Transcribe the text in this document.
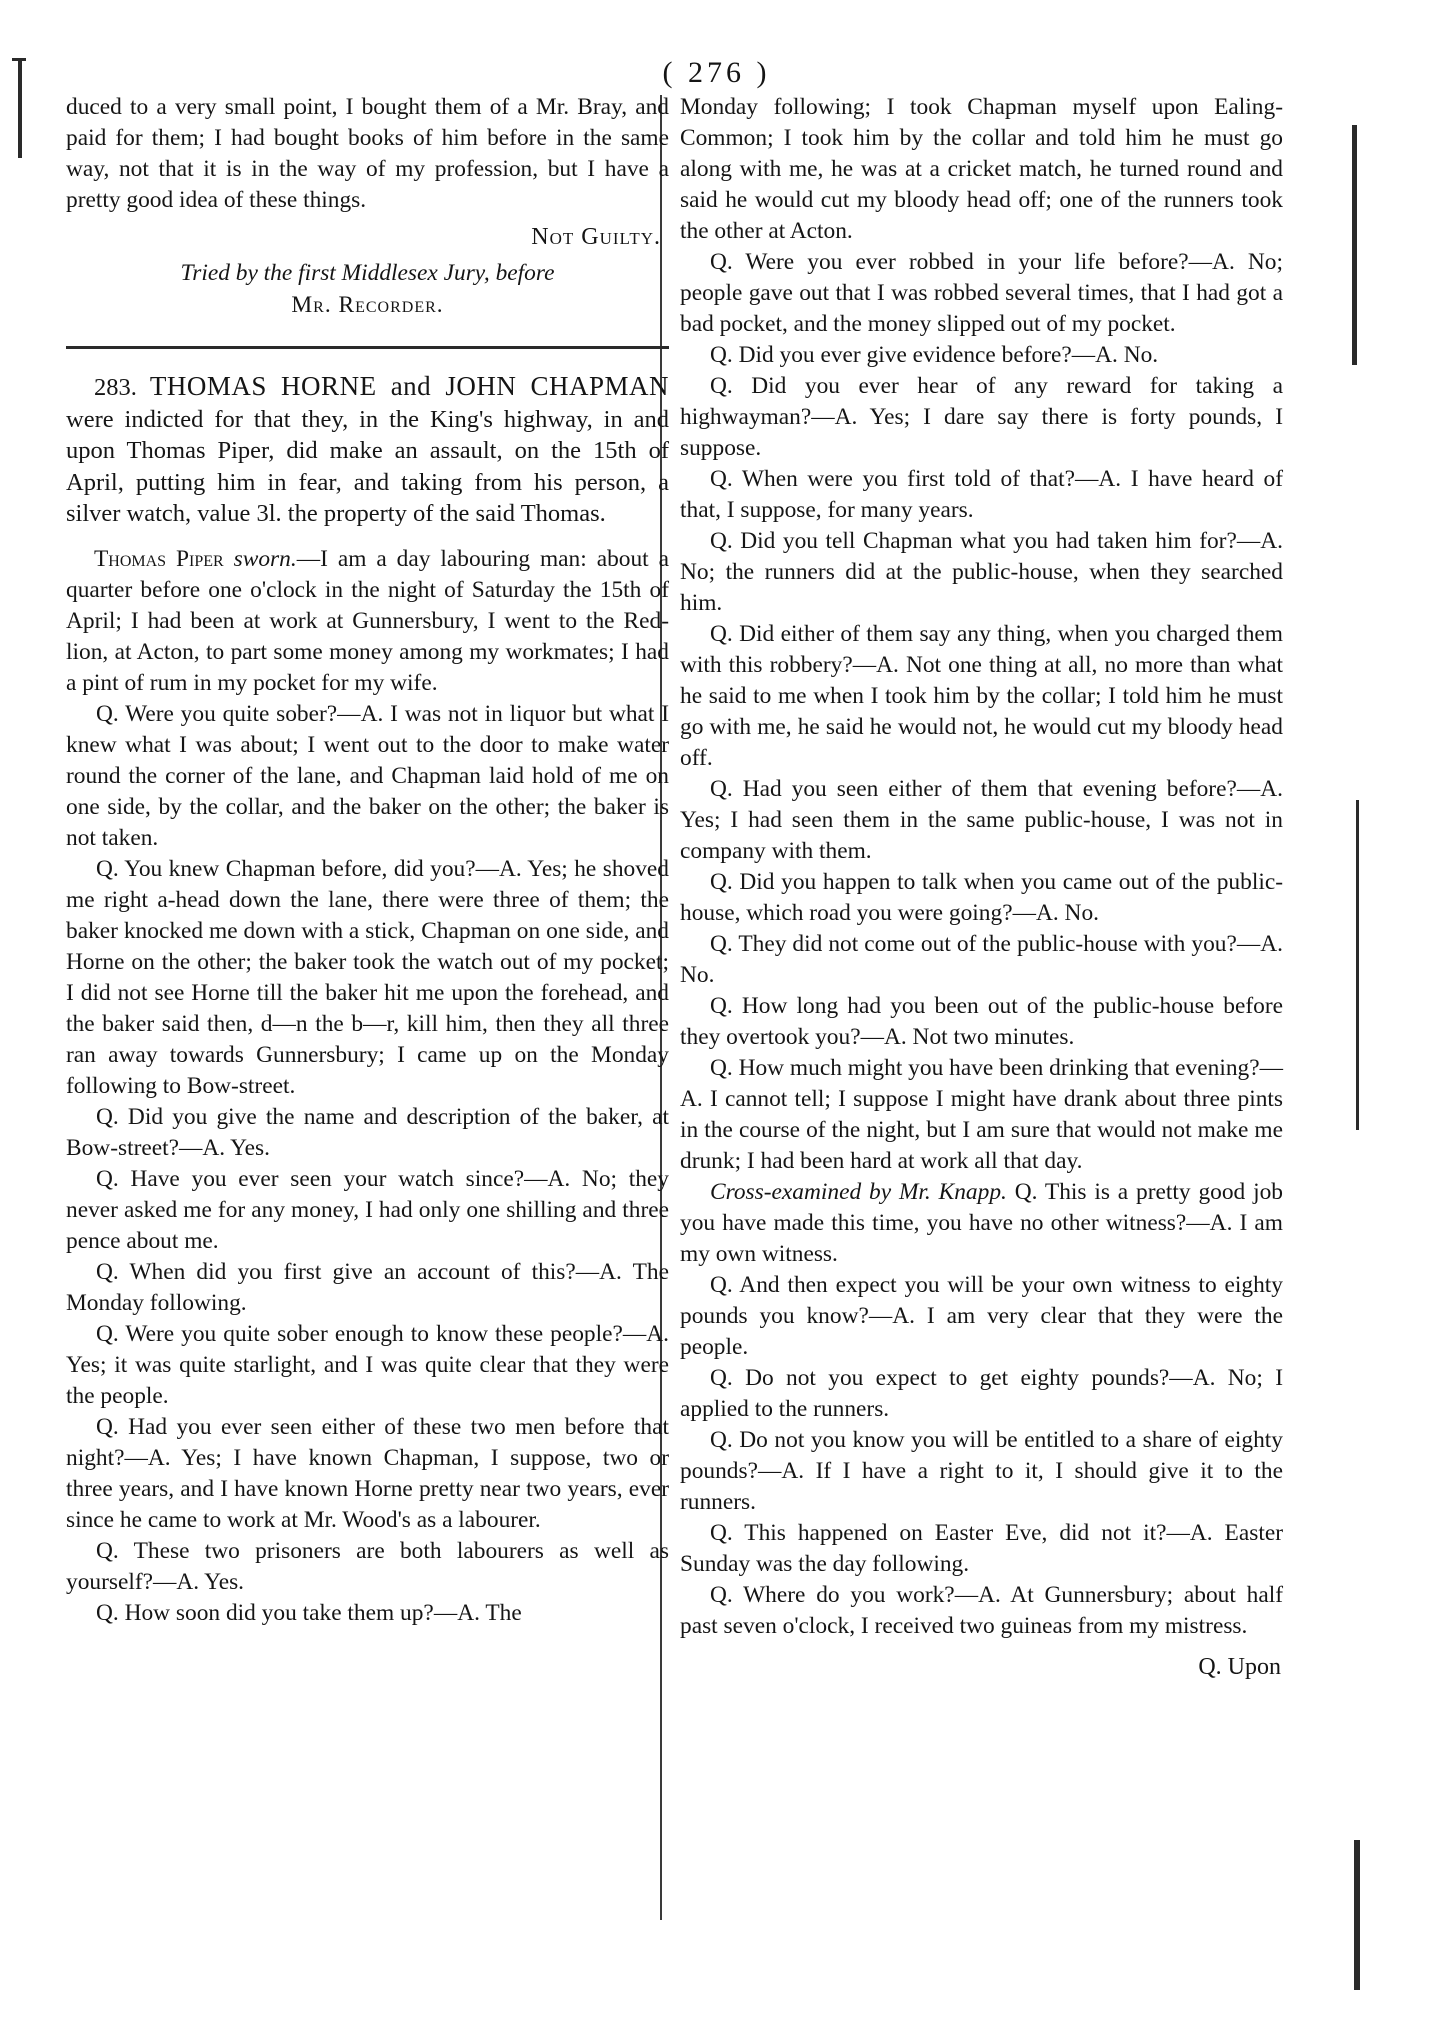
( 276 )

duced to a very small point, I bought them of a Mr. Bray, and paid for them; I had bought books of him before in the same way, not that it is in the way of my profession, but I have a pretty good idea of these things.

Not Guilty.

Tried by the first Middlesex Jury, before
Mr. Recorder.

283. THOMAS HORNE and JOHN CHAPMAN were indicted for that they, in the King's highway, in and upon Thomas Piper, did make an assault, on the 15th of April, putting him in fear, and taking from his person, a silver watch, value 3l. the property of the said Thomas.

Thomas Piper sworn.—I am a day labouring man: about a quarter before one o'clock in the night of Saturday the 15th of April; I had been at work at Gunnersbury, I went to the Red-lion, at Acton, to part some money among my workmates; I had a pint of rum in my pocket for my wife.

Q. Were you quite sober?—A. I was not in liquor but what I knew what I was about; I went out to the door to make water round the corner of the lane, and Chapman laid hold of me on one side, by the collar, and the baker on the other; the baker is not taken.

Q. You knew Chapman before, did you?—A. Yes; he shoved me right a-head down the lane, there were three of them; the baker knocked me down with a stick, Chapman on one side, and Horne on the other; the baker took the watch out of my pocket; I did not see Horne till the baker hit me upon the forehead, and the baker said then, d—n the b—r, kill him, then they all three ran away towards Gunnersbury; I came up on the Monday following to Bow-street.

Q. Did you give the name and description of the baker, at Bow-street?—A. Yes.

Q. Have you ever seen your watch since?—A. No; they never asked me for any money, I had only one shilling and three pence about me.

Q. When did you first give an account of this?—A. The Monday following.

Q. Were you quite sober enough to know these people?—A. Yes; it was quite starlight, and I was quite clear that they were the people.

Q. Had you ever seen either of these two men before that night?—A. Yes; I have known Chapman, I suppose, two or three years, and I have known Horne pretty near two years, ever since he came to work at Mr. Wood's as a labourer.

Q. These two prisoners are both labourers as well as yourself?—A. Yes.

Q. How soon did you take them up?—A. The

Monday following; I took Chapman myself upon Ealing-Common; I took him by the collar and told him he must go along with me, he was at a cricket match, he turned round and said he would cut my bloody head off; one of the runners took the other at Acton.

Q. Were you ever robbed in your life before?—A. No; people gave out that I was robbed several times, that I had got a bad pocket, and the money slipped out of my pocket.

Q. Did you ever give evidence before?—A. No.

Q. Did you ever hear of any reward for taking a highwayman?—A. Yes; I dare say there is forty pounds, I suppose.

Q. When were you first told of that?—A. I have heard of that, I suppose, for many years.

Q. Did you tell Chapman what you had taken him for?—A. No; the runners did at the public-house, when they searched him.

Q. Did either of them say any thing, when you charged them with this robbery?—A. Not one thing at all, no more than what he said to me when I took him by the collar; I told him he must go with me, he said he would not, he would cut my bloody head off.

Q. Had you seen either of them that evening before?—A. Yes; I had seen them in the same public-house, I was not in company with them.

Q. Did you happen to talk when you came out of the public-house, which road you were going?—A. No.

Q. They did not come out of the public-house with you?—A. No.

Q. How long had you been out of the public-house before they overtook you?—A. Not two minutes.

Q. How much might you have been drinking that evening?—A. I cannot tell; I suppose I might have drank about three pints in the course of the night, but I am sure that would not make me drunk; I had been hard at work all that day.

Cross-examined by Mr. Knapp. Q. This is a pretty good job you have made this time, you have no other witness?—A. I am my own witness.

Q. And then expect you will be your own witness to eighty pounds you know?—A. I am very clear that they were the people.

Q. Do not you expect to get eighty pounds?—A. No; I applied to the runners.

Q. Do not you know you will be entitled to a share of eighty pounds?—A. If I have a right to it, I should give it to the runners.

Q. This happened on Easter Eve, did not it?—A. Easter Sunday was the day following.

Q. Where do you work?—A. At Gunnersbury; about half past seven o'clock, I received two guineas from my mistress.

Q. Upon
